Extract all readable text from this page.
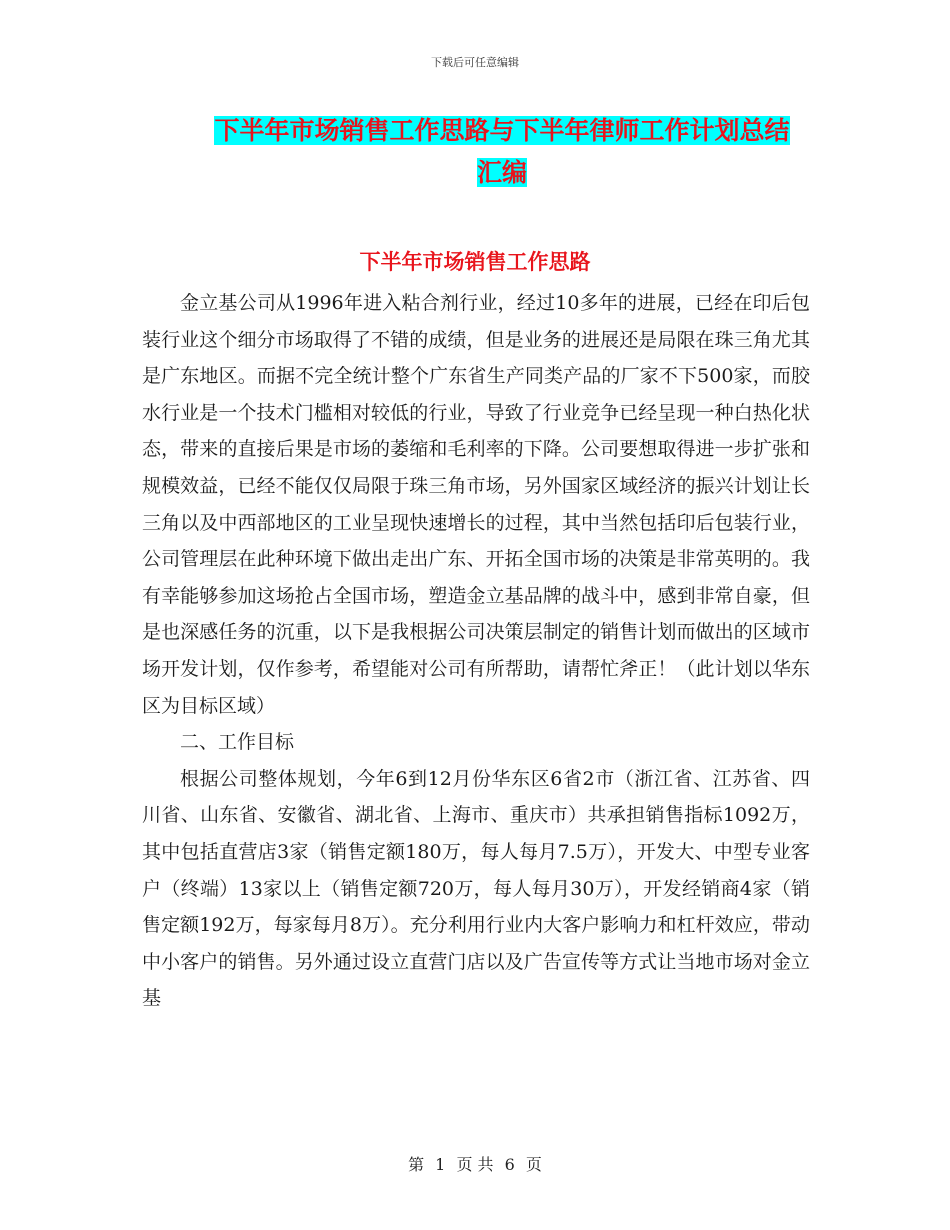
下载后可任意编辑
下半年市场销售工作思路与下半年律师工作计划总结
汇编
下半年市场销售工作思路

金立基公司从1996年进入粘合剂行业，经过10多年的进展，已经在印后包装行业这个细分市场取得了不错的成绩，但是业务的进展还是局限在珠三角尤其是广东地区。而据不完全统计整个广东省生产同类产品的厂家不下500家，而胶水行业是一个技术门槛相对较低的行业，导致了行业竞争已经呈现一种白热化状态，带来的直接后果是市场的萎缩和毛利率的下降。公司要想取得进一步扩张和规模效益，已经不能仅仅局限于珠三角市场，另外国家区域经济的振兴计划让长三角以及中西部地区的工业呈现快速增长的过程，其中当然包括印后包装行业，公司管理层在此种环境下做出走出广东、开拓全国市场的决策是非常英明的。我有幸能够参加这场抢占全国市场，塑造金立基品牌的战斗中，感到非常自豪，但是也深感任务的沉重，以下是我根据公司决策层制定的销售计划而做出的区域市场开发计划，仅作参考，希望能对公司有所帮助，请帮忙斧正！（此计划以华东区为目标区域）

二、工作目标

根据公司整体规划，今年6到12月份华东区6省2市（浙江省、江苏省、四川省、山东省、安徽省、湖北省、上海市、重庆市）共承担销售指标1092万，其中包括直营店3家（销售定额180万，每人每月7.5万），开发大、中型专业客户（终端）13家以上（销售定额720万，每人每月30万），开发经销商4家（销售定额192万，每家每月8万）。充分利用行业内大客户影响力和杠杆效应，带动中小客户的销售。另外通过设立直营门店以及广告宣传等方式让当地市场对金立基

第 1 页 共 6 页
